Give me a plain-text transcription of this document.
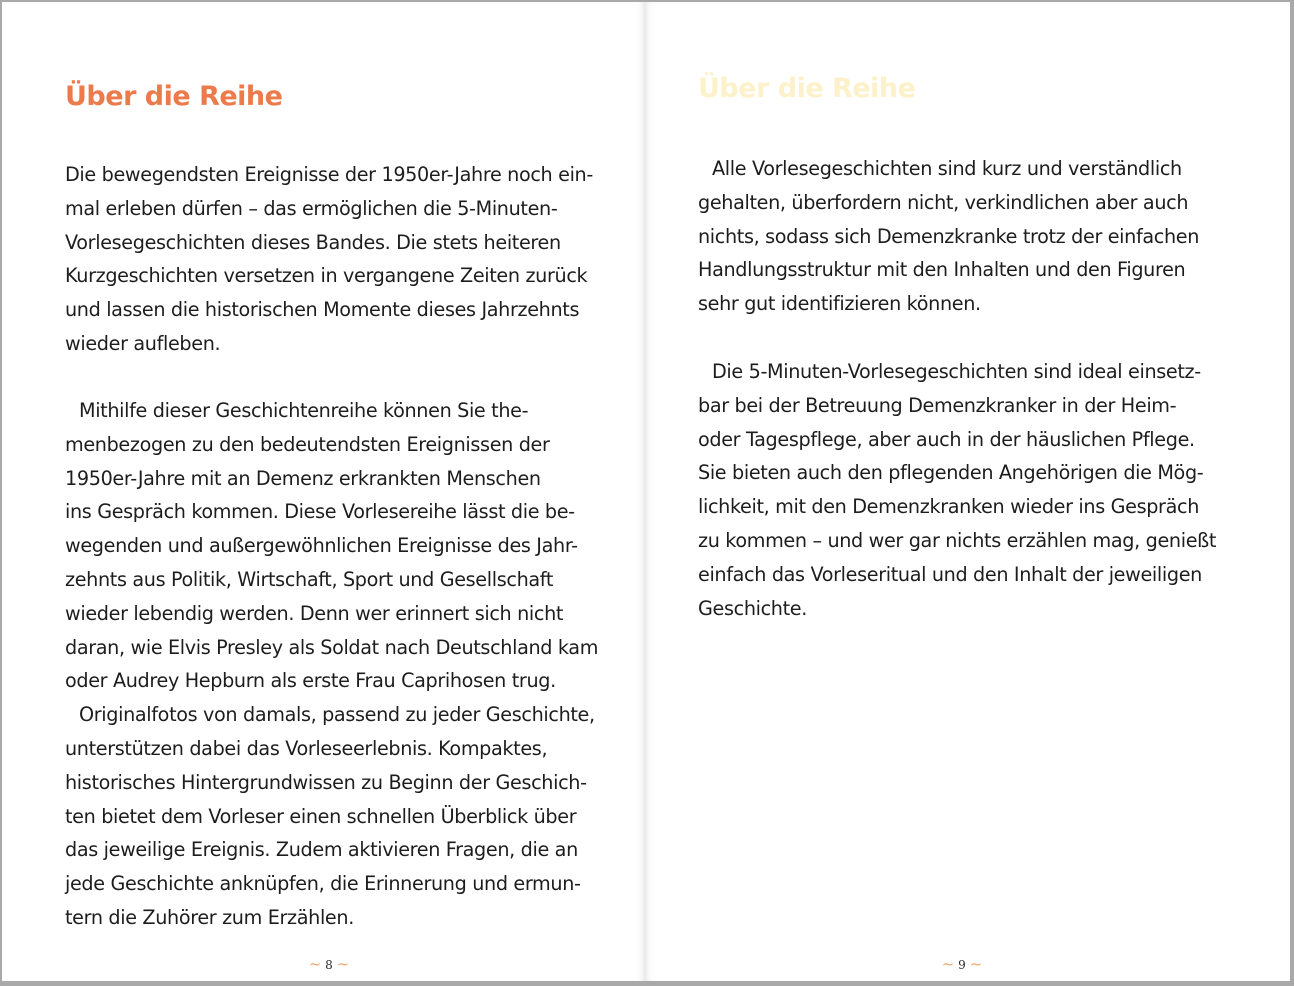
Über die Reihe
Die bewegendsten Ereignisse der 1950er-Jahre noch ein-
mal erleben dürfen – das ermöglichen die 5-Minuten-
Vorlesegeschichten dieses Bandes. Die stets heiteren
Kurzgeschichten versetzen in vergangene Zeiten zurück
und lassen die historischen Momente dieses Jahrzehnts
wieder aufleben.
Mithilfe dieser Geschichtenreihe können Sie the-
menbezogen zu den bedeutendsten Ereignissen der
1950er-Jahre mit an Demenz erkrankten Menschen
ins Gespräch kommen. Diese Vorlesereihe lässt die be-
wegenden und außergewöhnlichen Ereignisse des Jahr-
zehnts aus Politik, Wirtschaft, Sport und Gesellschaft
wieder lebendig werden. Denn wer erinnert sich nicht
daran, wie Elvis Presley als Soldat nach Deutschland kam
oder Audrey Hepburn als erste Frau Caprihosen trug.
Originalfotos von damals, passend zu jeder Geschichte,
unterstützen dabei das Vorleseerlebnis. Kompaktes,
historisches Hintergrundwissen zu Beginn der Geschich-
ten bietet dem Vorleser einen schnellen Überblick über
das jeweilige Ereignis. Zudem aktivieren Fragen, die an
jede Geschichte anknüpfen, die Erinnerung und ermun-
tern die Zuhörer zum Erzählen.
~ 8 ~
Über die Reihe
Alle Vorlesegeschichten sind kurz und verständlich
gehalten, überfordern nicht, verkindlichen aber auch
nichts, sodass sich Demenzkranke trotz der einfachen
Handlungsstruktur mit den Inhalten und den Figuren
sehr gut identifizieren können.
Die 5-Minuten-Vorlesegeschichten sind ideal einsetz-
bar bei der Betreuung Demenzkranker in der Heim-
oder Tagespflege, aber auch in der häuslichen Pflege.
Sie bieten auch den pflegenden Angehörigen die Mög-
lichkeit, mit den Demenzkranken wieder ins Gespräch
zu kommen – und wer gar nichts erzählen mag, genießt
einfach das Vorleseritual und den Inhalt der jeweiligen
Geschichte.
~ 9 ~
